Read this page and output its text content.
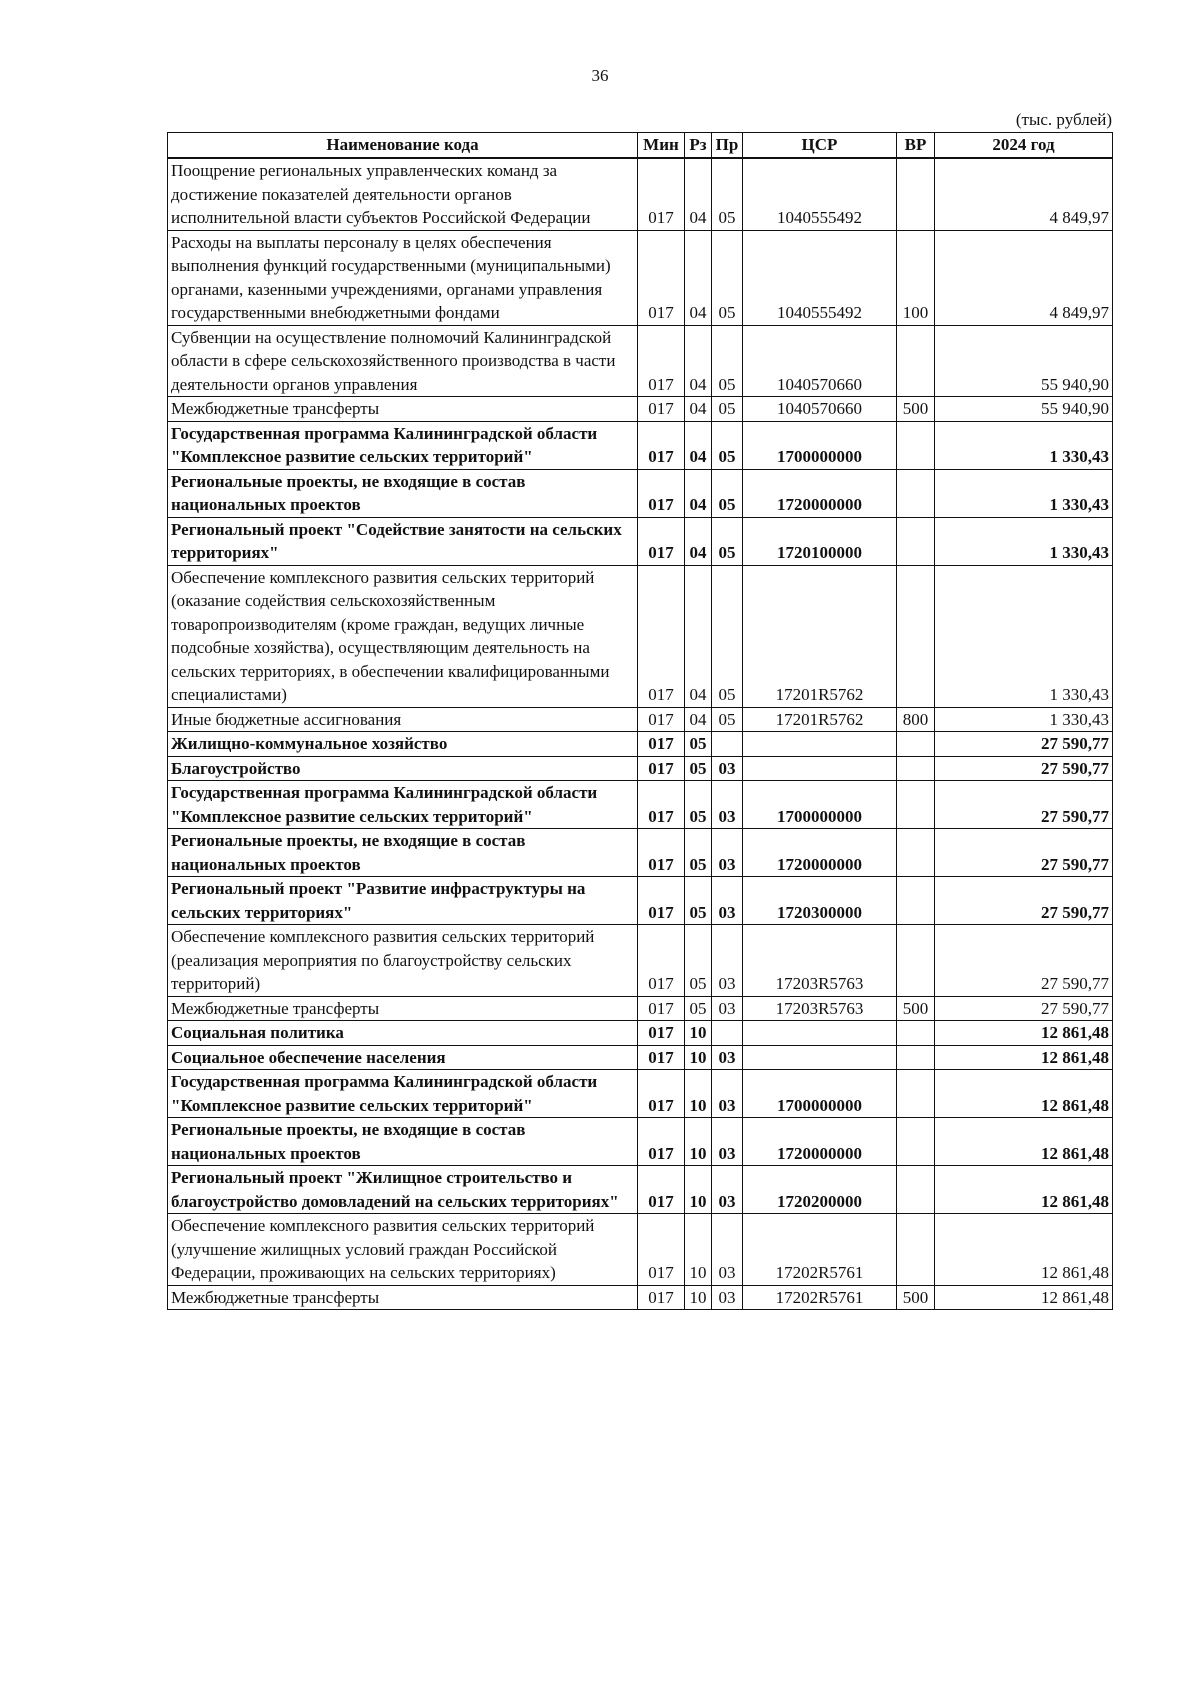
36
(тыс. рублей)
Наименование кода	Мин	Рз	Пр	ЦСР	ВР	2024 год
Поощрение региональных управленческих команд за достижение показателей деятельности органов исполнительной власти субъектов Российской Федерации	017	04	05	1040555492		4 849,97
Расходы на выплаты персоналу в целях обеспечения выполнения функций государственными (муниципальными) органами, казенными учреждениями, органами управления государственными внебюджетными фондами	017	04	05	1040555492	100	4 849,97
Субвенции на осуществление полномочий Калининградской области в сфере сельскохозяйственного производства в части деятельности органов управления	017	04	05	1040570660		55 940,90
Межбюджетные трансферты	017	04	05	1040570660	500	55 940,90
Государственная программа Калининградской области "Комплексное развитие сельских территорий"	017	04	05	1700000000		1 330,43
Региональные проекты, не входящие в состав национальных проектов	017	04	05	1720000000		1 330,43
Региональный проект "Содействие занятости на сельских территориях"	017	04	05	1720100000		1 330,43
Обеспечение комплексного развития сельских территорий (оказание содействия сельскохозяйственным товаропроизводителям (кроме граждан, ведущих личные подсобные хозяйства), осуществляющим деятельность на сельских территориях, в обеспечении квалифицированными специалистами)	017	04	05	17201R5762		1 330,43
Иные бюджетные ассигнования	017	04	05	17201R5762	800	1 330,43
Жилищно-коммунальное хозяйство	017	05				27 590,77
Благоустройство	017	05	03			27 590,77
Государственная программа Калининградской области "Комплексное развитие сельских территорий"	017	05	03	1700000000		27 590,77
Региональные проекты, не входящие в состав национальных проектов	017	05	03	1720000000		27 590,77
Региональный проект "Развитие инфраструктуры на сельских территориях"	017	05	03	1720300000		27 590,77
Обеспечение комплексного развития сельских территорий (реализация мероприятия по благоустройству сельских территорий)	017	05	03	17203R5763		27 590,77
Межбюджетные трансферты	017	05	03	17203R5763	500	27 590,77
Социальная политика	017	10				12 861,48
Социальное обеспечение населения	017	10	03			12 861,48
Государственная программа Калининградской области "Комплексное развитие сельских территорий"	017	10	03	1700000000		12 861,48
Региональные проекты, не входящие в состав национальных проектов	017	10	03	1720000000		12 861,48
Региональный проект "Жилищное строительство и благоустройство домовладений на сельских территориях"	017	10	03	1720200000		12 861,48
Обеспечение комплексного развития сельских территорий (улучшение жилищных условий граждан Российской Федерации, проживающих на сельских территориях)	017	10	03	17202R5761		12 861,48
Межбюджетные трансферты	017	10	03	17202R5761	500	12 861,48
